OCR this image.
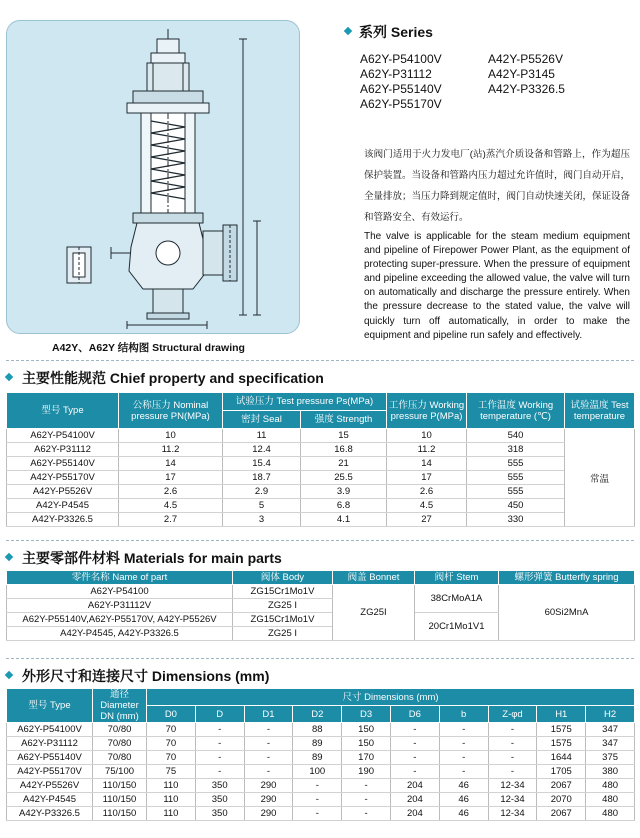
A42Y、A62Y 结构图 Structural drawing
系列 Series
A62Y-P54100V
A62Y-P31112
A62Y-P55140V
A62Y-P55170V
A42Y-P5526V
A42Y-P3145
A42Y-P3326.5
该阀门适用于火力发电厂(站)蒸汽介质设备和管路上，作为超压保护装置。当设备和管路内压力超过允许值时，阀门自动开启，全量排放；当压力降到规定值时，阀门自动快速关闭，保证设备和管路安全、有效运行。
The valve is applicable for the steam medium equipment and pipeline of Firepower Power Plant, as the equipment of protecting super-pressure. When the pressure of equipment and pipeline exceeding the allowed value, the valve will turn on automatically and discharge the pressure entirely. When the pressure decrease to the stated value, the valve will quickly turn off automatically, in order to make the equipment and pipeline run safely and effectively.
主要性能规范 Chief property and specification
型号 Type	公称压力 Nominal pressure PN(MPa)	试验压力 Test pressure Ps(MPa)		工作压力 Working pressure P(MPa)	工作温度 Working temperature (℃)	试验温度 Test temperature
		密封 Seal	强度 Strength			
A62Y-P54100V	10	11	15	10	540	常温
A62Y-P31112	11.2	12.4	16.8	11.2	318	
A62Y-P55140V	14	15.4	21	14	555	
A42Y-P55170V	17	18.7	25.5	17	555	
A42Y-P5526V	2.6	2.9	3.9	2.6	555	
A42Y-P4545	4.5	5	6.8	4.5	450	
A42Y-P3326.5	2.7	3	4.1	27	330	
主要零部件材料 Materials for main parts
零件名称 Name of part	阀体 Body	阀盖 Bonnet	阀杆 Stem	螺形弹簧 Butterfly spring
A62Y-P54100	ZG15Cr1Mo1V	ZG25I	38CrMoA1A	60Si2MnA
A62Y-P31112V	ZG25 I			
A62Y-P55140V,A62Y-P55170V, A42Y-P5526V	ZG15Cr1Mo1V		20Cr1Mo1V1	
A42Y-P4545, A42Y-P3326.5	ZG25 I			
外形尺寸和连接尺寸 Dimensions (mm)
型号 Type	通径 Diameter DN (mm)	尺寸 Dimensions (mm)									
		D0	D	D1	D2	D3	D6	b	Z-φd	H1	H2
A62Y-P54100V	70/80	70	-	-	88	150	-	-	-	1575	347
A62Y-P31112	70/80	70	-	-	89	150	-	-	-	1575	347
A62Y-P55140V	70/80	70	-	-	89	170	-	-	-	1644	375
A42Y-P55170V	75/100	75	-	-	100	190	-	-	-	1705	380
A42Y-P5526V	110/150	110	350	290	-	-	204	46	12-34	2067	480
A42Y-P4545	110/150	110	350	290	-	-	204	46	12-34	2070	480
A42Y-P3326.5	110/150	110	350	290	-	-	204	46	12-34	2067	480
